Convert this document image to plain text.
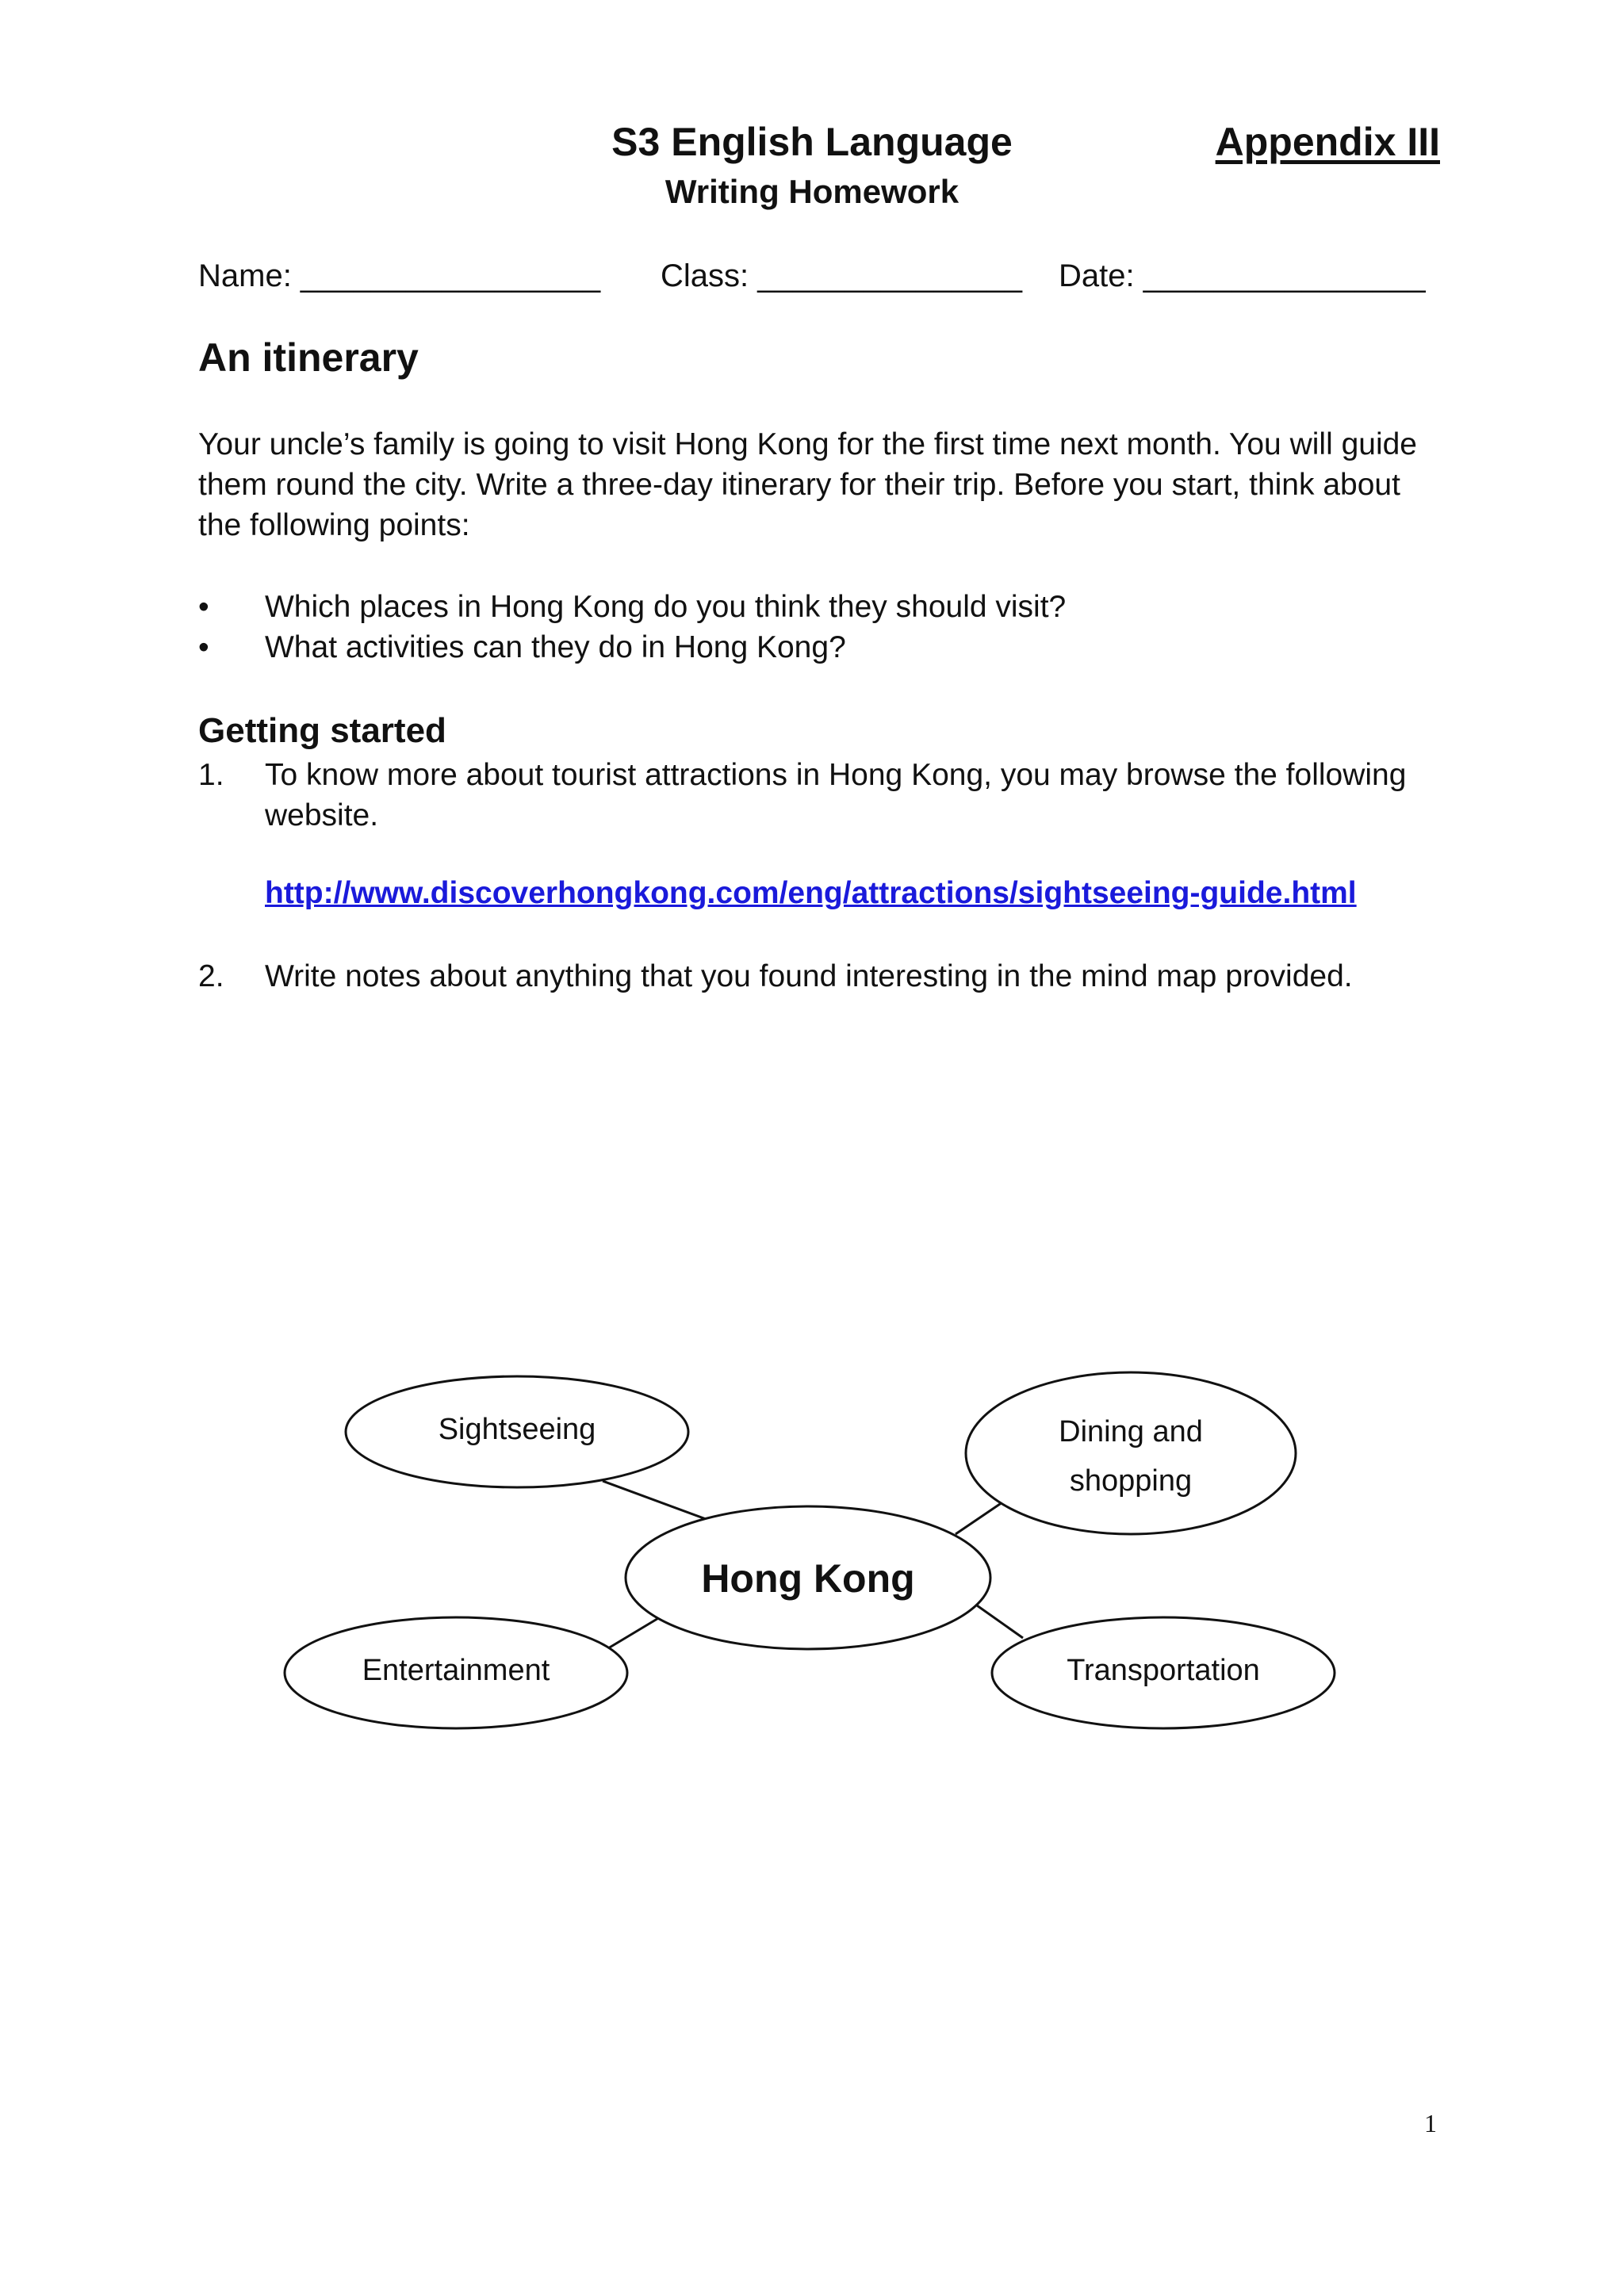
S3 English Language
Writing Homework
Appendix III
Name: _________________ Class: _______________ Date: ________________
An itinerary

Your uncle’s family is going to visit Hong Kong for the first time next month. You will guide them round the city. Write a three-day itinerary for their trip. Before you start, think about the following points:

• Which places in Hong Kong do you think they should visit?
• What activities can they do in Hong Kong?
Getting started
1. To know more about tourist attractions in Hong Kong, you may browse the following website.
http://www.discoverhongkong.com/eng/attractions/sightseeing-guide.html
2. Write notes about anything that you found interesting in the mind map provided.
Sightseeing	Dining and
shopping
Hong Kong
Entertainment	Transportation
1
